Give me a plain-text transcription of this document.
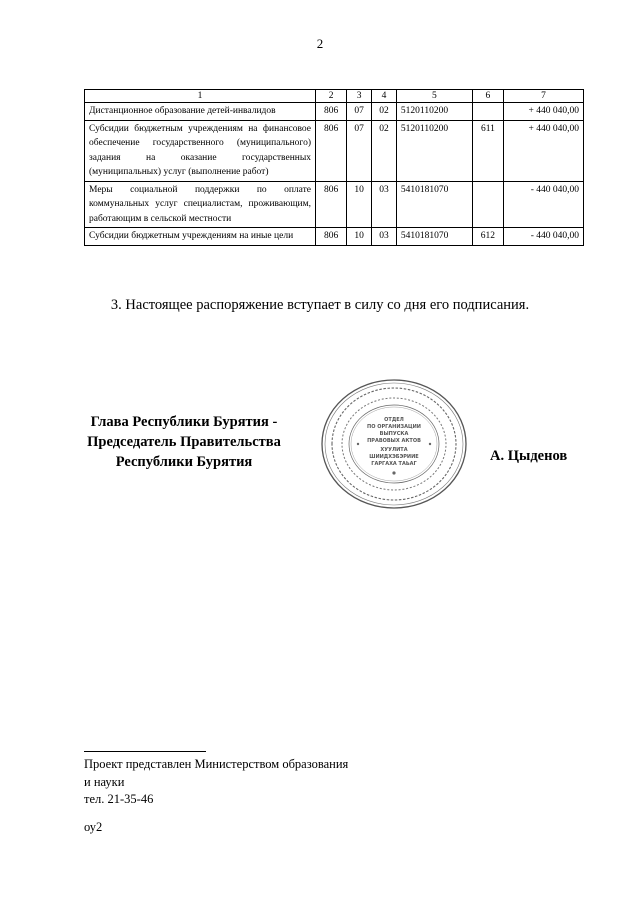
2
1	2	3	4	5	6	7
Дистанционное образование детей-инвалидов	806	07	02	5120110200		+ 440 040,00
Субсидии бюджетным учреждениям на финансовое обеспечение государственного (муниципального) задания на оказание государственных (муниципальных) услуг (выполнение работ)	806	07	02	5120110200	611	+ 440 040,00
Меры социальной поддержки по оплате коммунальных услуг специалистам, проживающим, работающим в сельской местности	806	10	03	5410181070		- 440 040,00
Субсидии бюджетным учреждениям на иные цели	806	10	03	5410181070	612	- 440 040,00
3. Настоящее распоряжение вступает в силу со дня его подписания.
Глава Республики Бурятия -
Председатель Правительства
Республики Бурятия
ОТДЕЛ
ПО ОРГАНИЗАЦИИ
ВЫПУСКА
ПРАВОВЫХ АКТОВ
ХУУЛИТА
ШИИДХЭБЭРИИЕ
ГАРГАХА ТАЬАГ	А. Цыденов
Проект представлен Министерством образования
и науки
тел. 21-35-46
оу2
